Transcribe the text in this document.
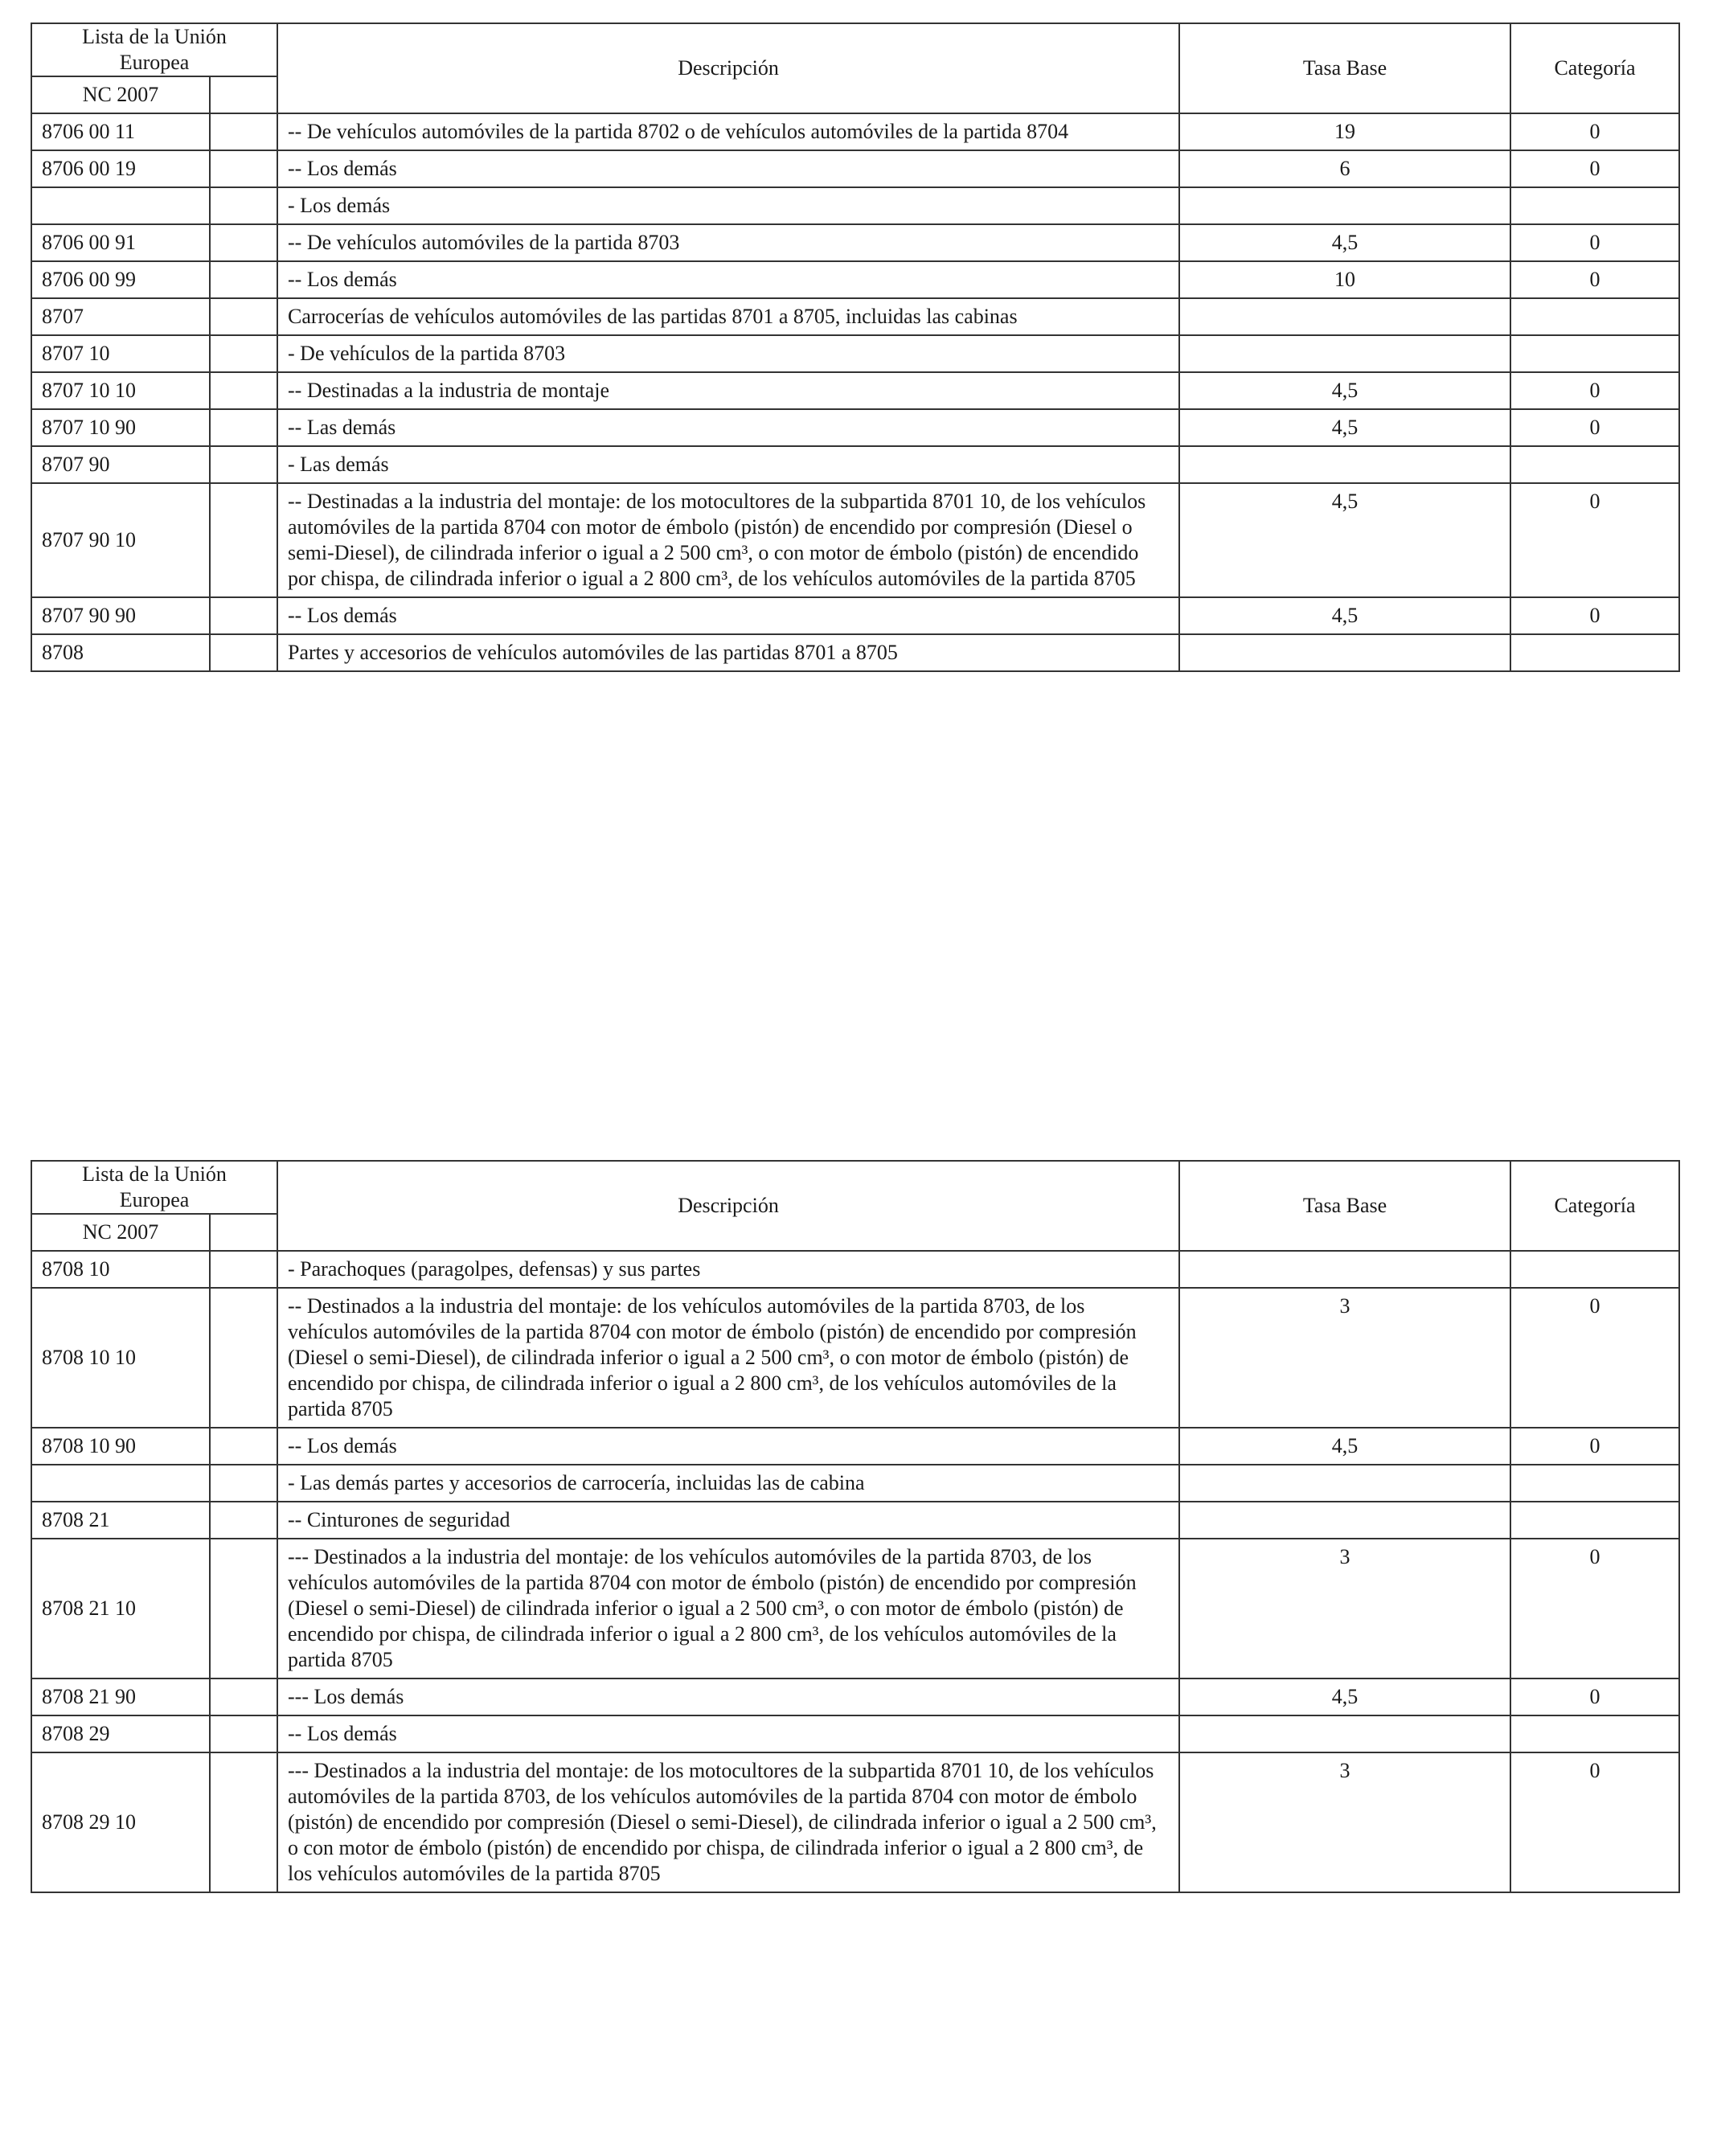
Lista de la Unión
Europea		Descripción	Tasa Base	Categoría
NC 2007				
8706 00 11		-- De vehículos automóviles de la partida 8702 o de vehículos automóviles de la partida 8704	19	0
8706 00 19		-- Los demás	6	0
		- Los demás		
8706 00 91		-- De vehículos automóviles de la partida 8703	4,5	0
8706 00 99		-- Los demás	10	0
8707		Carrocerías de vehículos automóviles de las partidas 8701 a 8705, incluidas las cabinas		
8707 10		- De vehículos de la partida 8703		
8707 10 10		-- Destinadas a la industria de montaje	4,5	0
8707 10 90		-- Las demás	4,5	0
8707 90		- Las demás		
8707 90 10		-- Destinadas a la industria del montaje: de los motocultores de la subpartida 8701 10, de los vehículos automóviles de la partida 8704 con motor de émbolo (pistón) de encendido por compresión (Diesel o semi-Diesel), de cilindrada inferior o igual a 2 500 cm³, o con motor de émbolo (pistón) de encendido por chispa, de cilindrada inferior o igual a 2 800 cm³, de los vehículos automóviles de la partida 8705	4,5	0
8707 90 90		-- Los demás	4,5	0
8708		Partes y accesorios de vehículos automóviles de las partidas 8701 a 8705		
Lista de la Unión
Europea		Descripción	Tasa Base	Categoría
NC 2007				
8708 10		- Parachoques (paragolpes, defensas) y sus partes		
8708 10 10		-- Destinados a la industria del montaje: de los vehículos automóviles de la partida 8703, de los vehículos automóviles de la partida 8704 con motor de émbolo (pistón) de encendido por compresión (Diesel o semi-Diesel), de cilindrada inferior o igual a 2 500 cm³, o con motor de émbolo (pistón) de encendido por chispa, de cilindrada inferior o igual a 2 800 cm³, de los vehículos automóviles de la partida 8705	3	0
8708 10 90		-- Los demás	4,5	0
		- Las demás partes y accesorios de carrocería, incluidas las de cabina		
8708 21		-- Cinturones de seguridad		
8708 21 10		--- Destinados a la industria del montaje: de los vehículos automóviles de la partida 8703, de los vehículos automóviles de la partida 8704 con motor de émbolo (pistón) de encendido por compresión (Diesel o semi-Diesel) de cilindrada inferior o igual a 2 500 cm³, o con motor de émbolo (pistón) de encendido por chispa, de cilindrada inferior o igual a 2 800 cm³, de los vehículos automóviles de la partida 8705	3	0
8708 21 90		--- Los demás	4,5	0
8708 29		-- Los demás		
8708 29 10		--- Destinados a la industria del montaje: de los motocultores de la subpartida 8701 10, de los vehículos automóviles de la partida 8703, de los vehículos automóviles de la partida 8704 con motor de émbolo (pistón) de encendido por compresión (Diesel o semi-Diesel), de cilindrada inferior o igual a 2 500 cm³, o con motor de émbolo (pistón) de encendido por chispa, de cilindrada inferior o igual a 2 800 cm³, de los vehículos automóviles de la partida 8705	3	0
